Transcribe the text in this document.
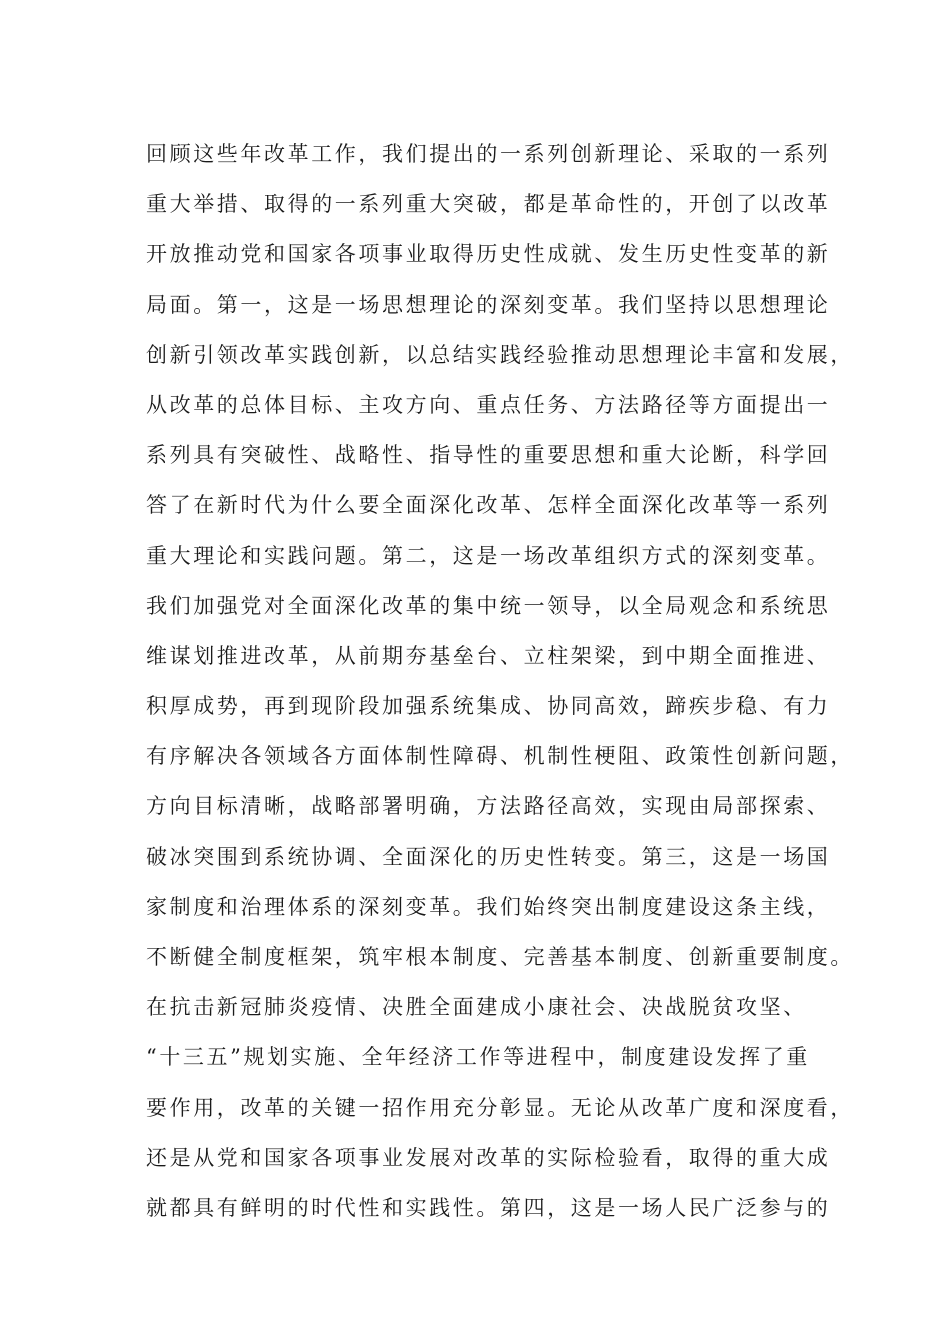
回顾这些年改革工作，我们提出的一系列创新理论、采取的一系列
重大举措、取得的一系列重大突破，都是革命性的，开创了以改革
开放推动党和国家各项事业取得历史性成就、发生历史性变革的新
局面。第一，这是一场思想理论的深刻变革。我们坚持以思想理论
创新引领改革实践创新，以总结实践经验推动思想理论丰富和发展，
从改革的总体目标、主攻方向、重点任务、方法路径等方面提出一
系列具有突破性、战略性、指导性的重要思想和重大论断，科学回
答了在新时代为什么要全面深化改革、怎样全面深化改革等一系列
重大理论和实践问题。第二，这是一场改革组织方式的深刻变革。
我们加强党对全面深化改革的集中统一领导，以全局观念和系统思
维谋划推进改革，从前期夯基垒台、立柱架梁，到中期全面推进、
积厚成势，再到现阶段加强系统集成、协同高效，蹄疾步稳、有力
有序解决各领域各方面体制性障碍、机制性梗阻、政策性创新问题，
方向目标清晰，战略部署明确，方法路径高效，实现由局部探索、
破冰突围到系统协调、全面深化的历史性转变。第三，这是一场国
家制度和治理体系的深刻变革。我们始终突出制度建设这条主线，
不断健全制度框架，筑牢根本制度、完善基本制度、创新重要制度。
在抗击新冠肺炎疫情、决胜全面建成小康社会、决战脱贫攻坚、
“十三五”规划实施、全年经济工作等进程中，制度建设发挥了重
要作用，改革的关键一招作用充分彰显。无论从改革广度和深度看，
还是从党和国家各项事业发展对改革的实际检验看，取得的重大成
就都具有鲜明的时代性和实践性。第四，这是一场人民广泛参与的
